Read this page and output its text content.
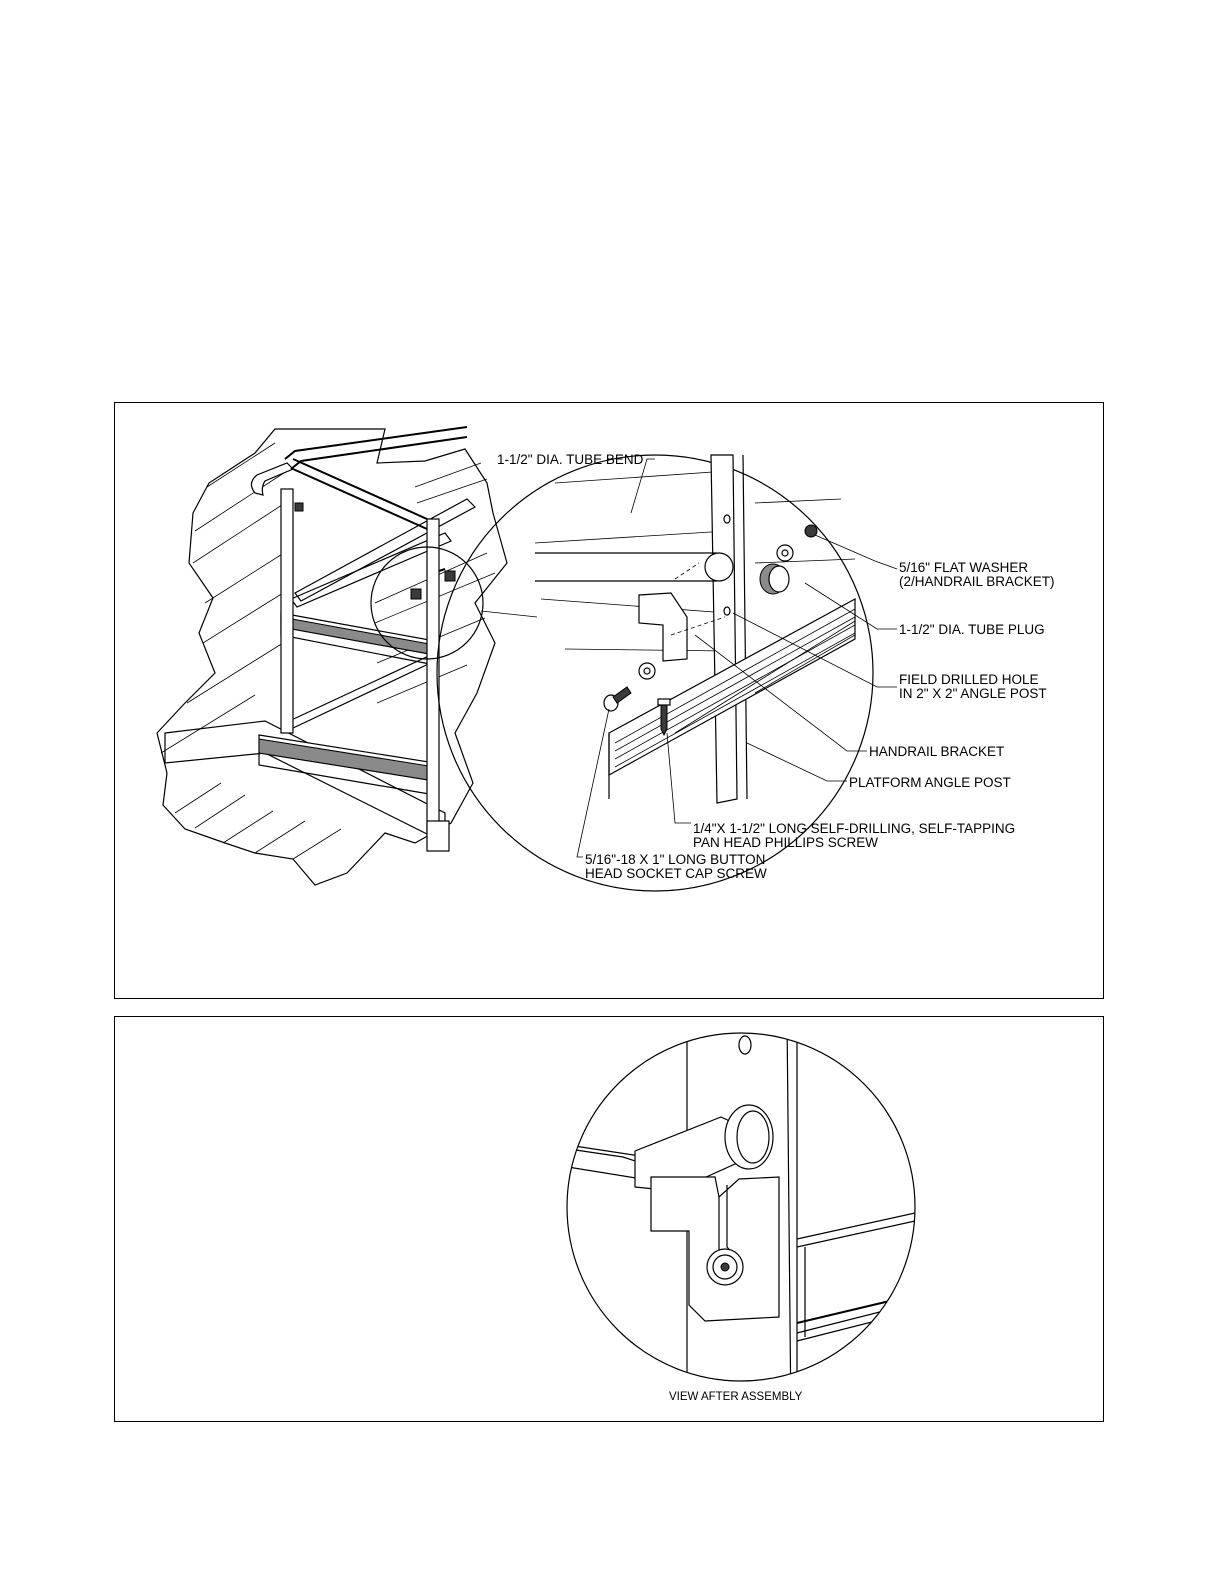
1-1/2" DIA. TUBE BEND
5/16" FLAT WASHER
(2/HANDRAIL BRACKET)
1-1/2" DIA. TUBE PLUG
FIELD DRILLED HOLE
IN 2" X 2" ANGLE POST
HANDRAIL BRACKET
PLATFORM ANGLE POST
1/4"X 1-1/2" LONG SELF-DRILLING, SELF-TAPPING
PAN HEAD PHILLIPS SCREW
5/16"-18 X 1" LONG BUTTON
HEAD SOCKET CAP SCREW
VIEW AFTER ASSEMBLY
